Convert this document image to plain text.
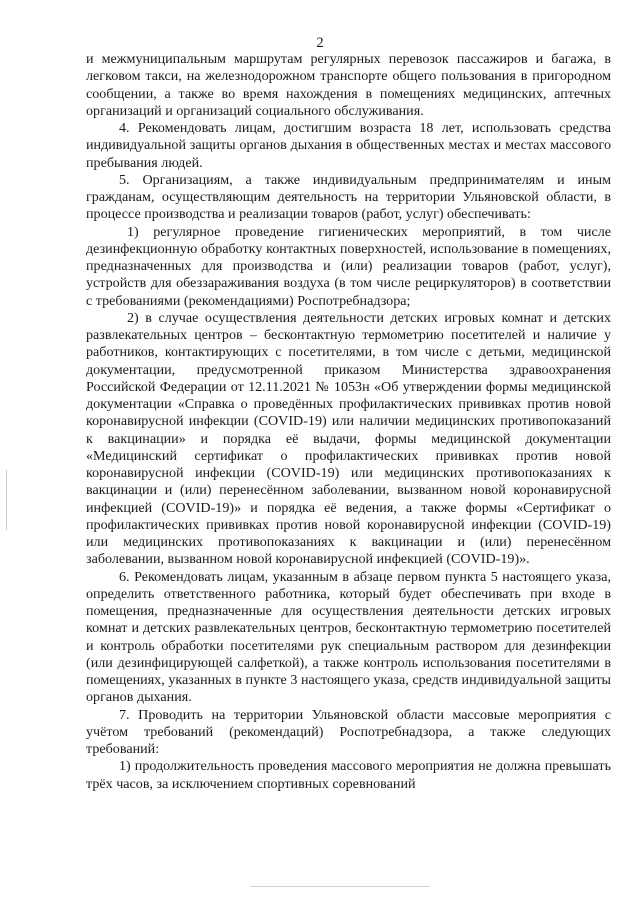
2

и межмуниципальным маршрутам регулярных перевозок пассажиров и багажа, в легковом такси, на железнодорожном транспорте общего пользования в пригородном сообщении, а также во время нахождения в помещениях медицинских, аптечных организаций и организаций социального обслуживания.

4. Рекомендовать лицам, достигшим возраста 18 лет, использовать средства индивидуальной защиты органов дыхания в общественных местах и местах массового пребывания людей.

5. Организациям, а также индивидуальным предпринимателям и иным гражданам, осуществляющим деятельность на территории Ульяновской области, в процессе производства и реализации товаров (работ, услуг) обеспечивать:

1) регулярное проведение гигиенических мероприятий, в том числе дезинфекционную обработку контактных поверхностей, использование в помещениях, предназначенных для производства и (или) реализации товаров (работ, услуг), устройств для обеззараживания воздуха (в том числе рециркуляторов) в соответствии с требованиями (рекомендациями) Роспотребнадзора;

2) в случае осуществления деятельности детских игровых комнат и детских развлекательных центров – бесконтактную термометрию посетителей и наличие у работников, контактирующих с посетителями, в том числе с детьми, медицинской документации, предусмотренной приказом Министерства здравоохранения Российской Федерации от 12.11.2021 № 1053н «Об утверждении формы медицинской документации «Справка о проведённых профилактических прививках против новой коронавирусной инфекции (COVID-19) или наличии медицинских противопоказаний к вакцинации» и порядка её выдачи, формы медицинской документации «Медицинский сертификат о профилактических прививках против новой коронавирусной инфекции (COVID-19) или медицинских противопоказаниях к вакцинации и (или) перенесённом заболевании, вызванном новой коронавирусной инфекцией (COVID-19)» и порядка её ведения, а также формы «Сертификат о профилактических прививках против новой коронавирусной инфекции (COVID-19) или медицинских противопоказаниях к вакцинации и (или) перенесённом заболевании, вызванном новой коронавирусной инфекцией (COVID-19)».

6. Рекомендовать лицам, указанным в абзаце первом пункта 5 настоящего указа, определить ответственного работника, который будет обеспечивать при входе в помещения, предназначенные для осуществления деятельности детских игровых комнат и детских развлекательных центров, бесконтактную термометрию посетителей и контроль обработки посетителями рук специальным раствором для дезинфекции (или дезинфицирующей салфеткой), а также контроль использования посетителями в помещениях, указанных в пункте 3 настоящего указа, средств индивидуальной защиты органов дыхания.

7. Проводить на территории Ульяновской области массовые мероприятия с учётом требований (рекомендаций) Роспотребнадзора, а также следующих требований:

1) продолжительность проведения массового мероприятия не должна превышать трёх часов, за исключением спортивных соревнований
